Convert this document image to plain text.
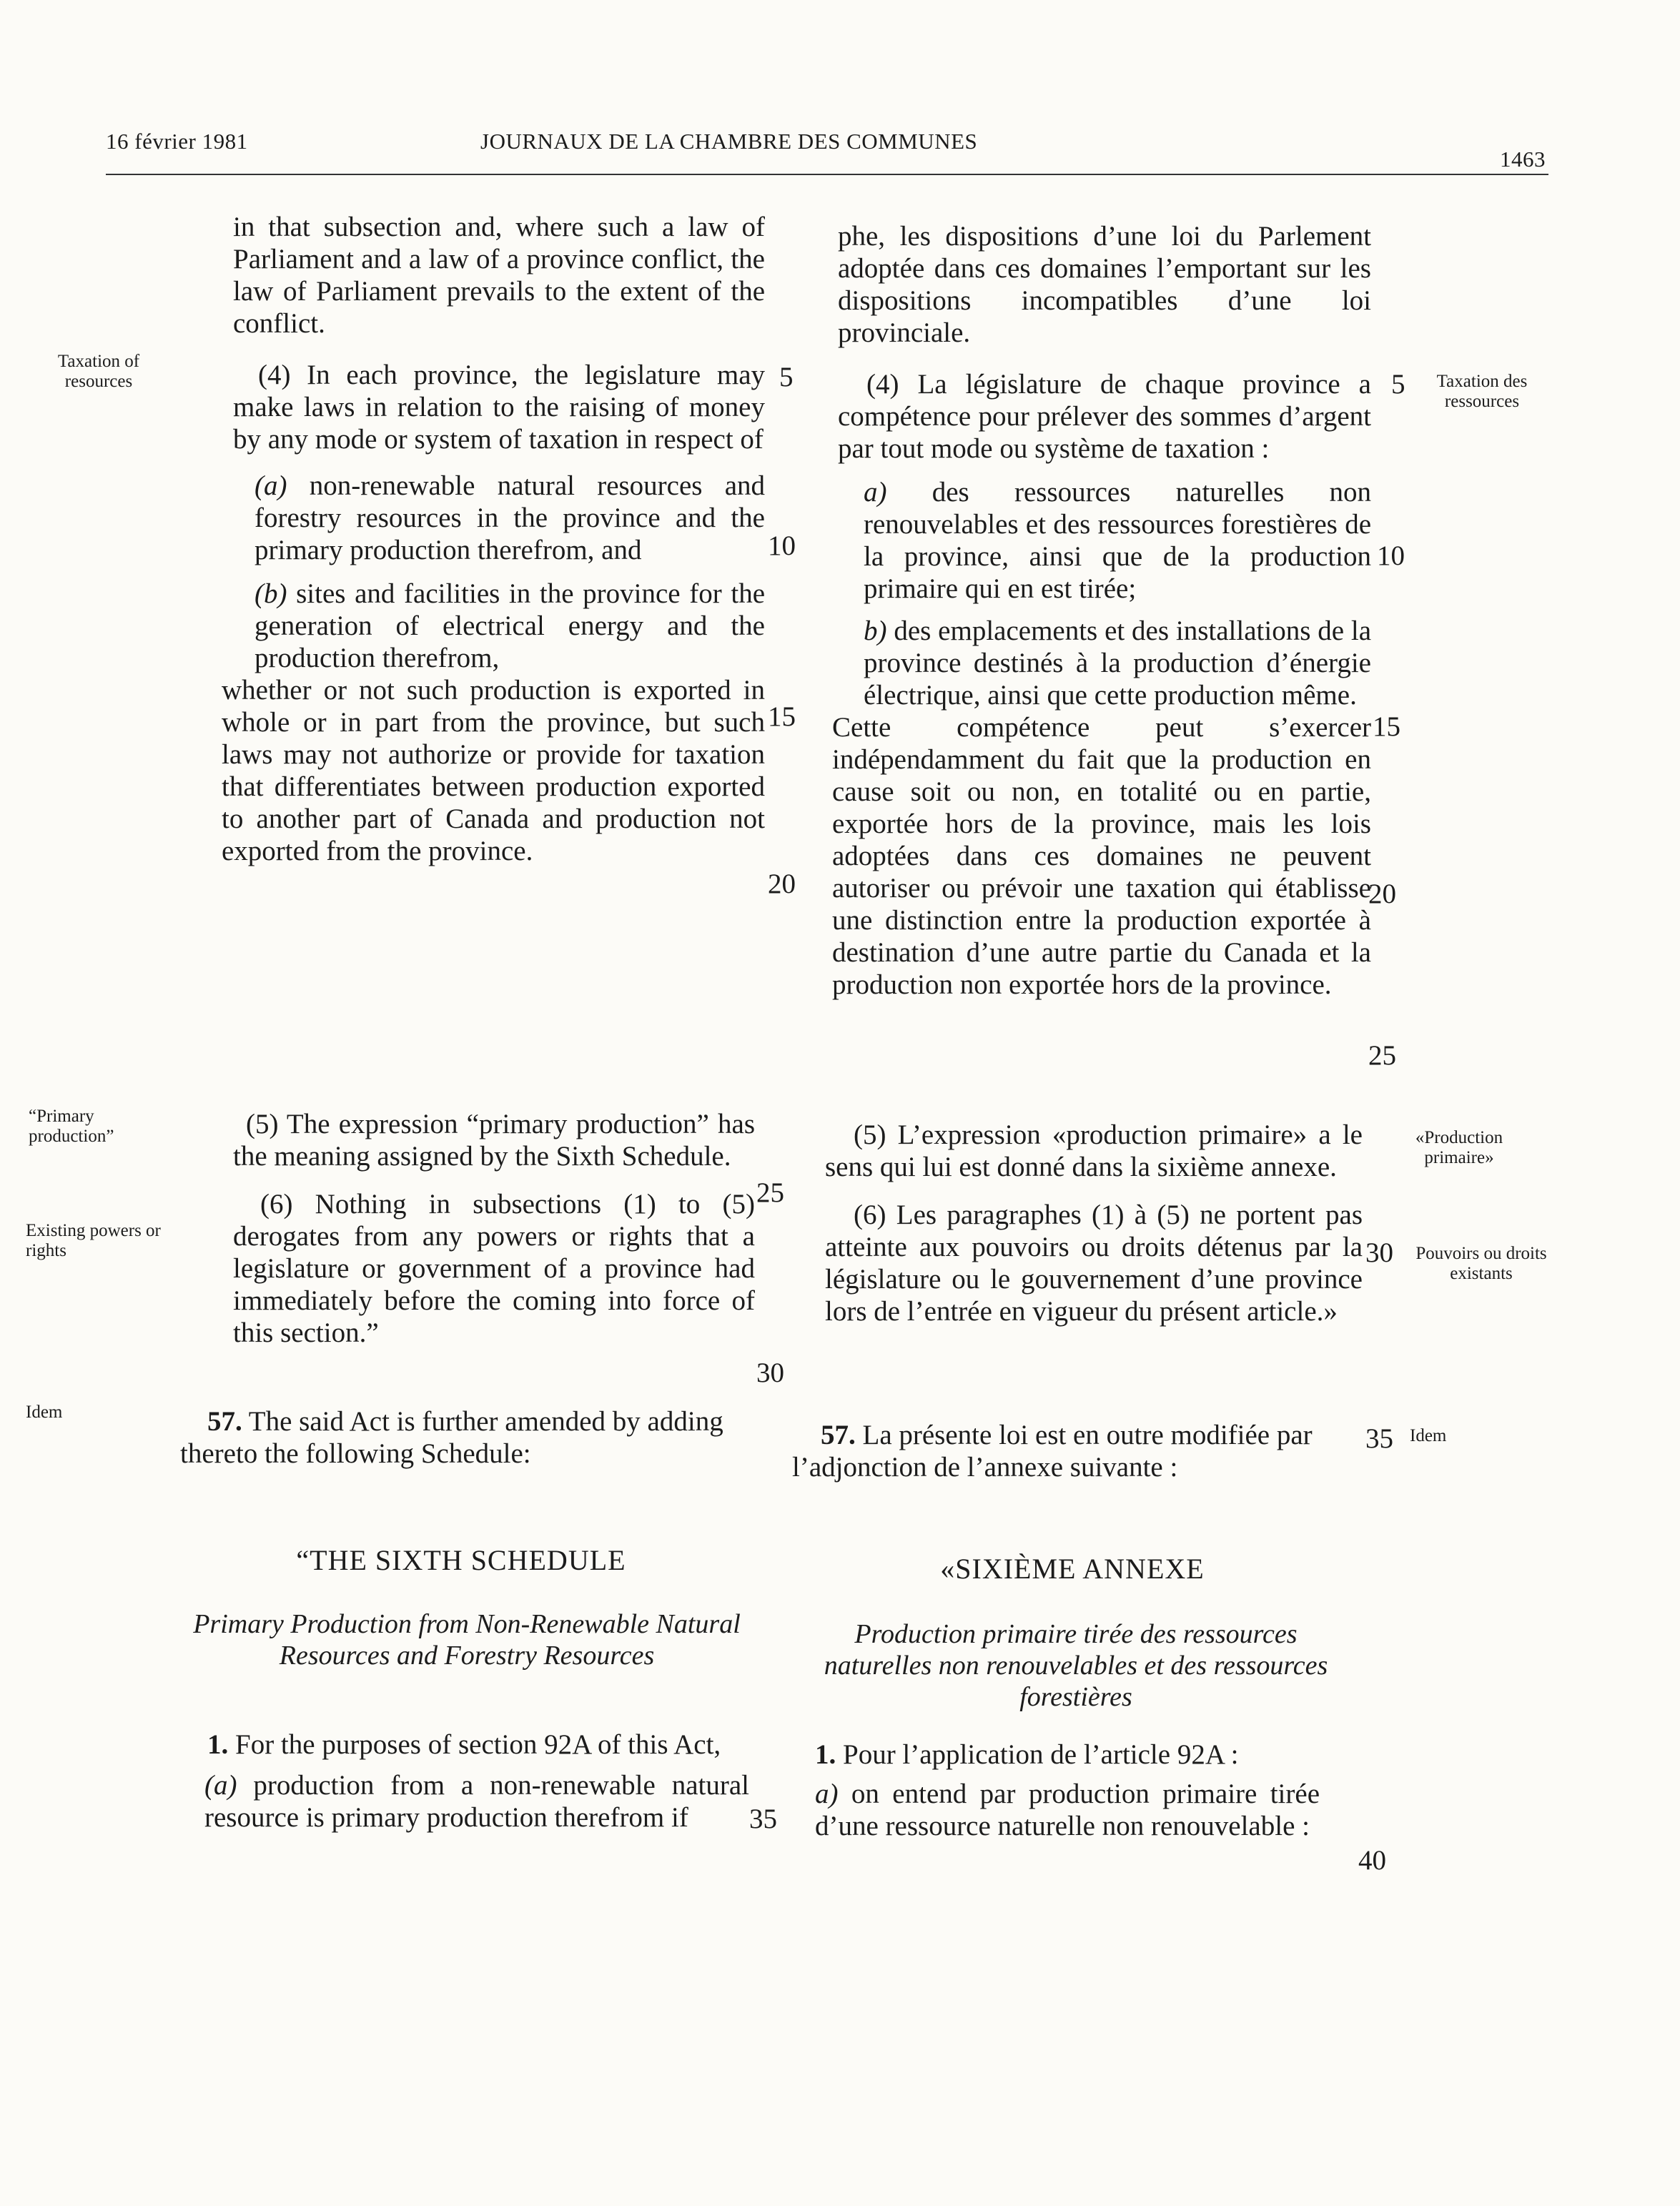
16 février 1981	JOURNAUX DE LA CHAMBRE DES COMMUNES
1463
Taxation of resources
“Primary production”
Existing powers or rights
Idem
Taxation des ressources
«Production primaire»
Pouvoirs ou droits existants
Idem

in that subsection and, where such a law of Parliament and a law of a province conflict, the law of Parliament prevails to the extent of the conflict.

(4) In each province, the legislature may make laws in relation to the raising of money by any mode or system of taxation in respect of

(a) non-renewable natural resources and forestry resources in the province and the primary production therefrom, and

(b) sites and facilities in the province for the generation of electrical energy and the production therefrom,

whether or not such production is exported in whole or in part from the province, but such laws may not authorize or provide for taxation that differentiates between production exported to another part of Canada and production not exported from the province.

(5) The expression “primary production” has the meaning assigned by the Sixth Schedule.

(6) Nothing in subsections (1) to (5) derogates from any powers or rights that a legislature or government of a province had immediately before the coming into force of this section.”

57. The said Act is further amended by adding thereto the following Schedule:
“THE SIXTH SCHEDULE
Primary Production from Non-Renewable Natural Resources and Forestry Resources

1. For the purposes of section 92A of this Act,

(a) production from a non-renewable natural resource is primary production therefrom if

phe, les dispositions d’une loi du Parlement adoptée dans ces domaines l’emportant sur les dispositions incompatibles d’une loi provinciale.

(4) La législature de chaque province a compétence pour prélever des sommes d’argent par tout mode ou système de taxation :

a) des ressources naturelles non renouvelables et des ressources forestières de la province, ainsi que de la production primaire qui en est tirée;

b) des emplacements et des installations de la province destinés à la production d’énergie électrique, ainsi que cette production même.

Cette compétence peut s’exercer indépendamment du fait que la production en cause soit ou non, en totalité ou en partie, exportée hors de la province, mais les lois adoptées dans ces domaines ne peuvent autoriser ou prévoir une taxation qui établisse une distinction entre la production exportée à destination d’une autre partie du Canada et la production non exportée hors de la province.

(5) L’expression «production primaire» a le sens qui lui est donné dans la sixième annexe.

(6) Les paragraphes (1) à (5) ne portent pas atteinte aux pouvoirs ou droits détenus par la législature ou le gouvernement d’une province lors de l’entrée en vigueur du présent article.»

57. La présente loi est en outre modifiée par l’adjonction de l’annexe suivante :
«SIXIÈME ANNEXE
Production primaire tirée des ressources naturelles non renouvelables et des ressources forestières

1. Pour l’application de l’article 92A :

a) on entend par production primaire tirée d’une ressource naturelle non renouvelable :

5
10
15
20
25
30
35
5
10
15
20
25
30
35
40
